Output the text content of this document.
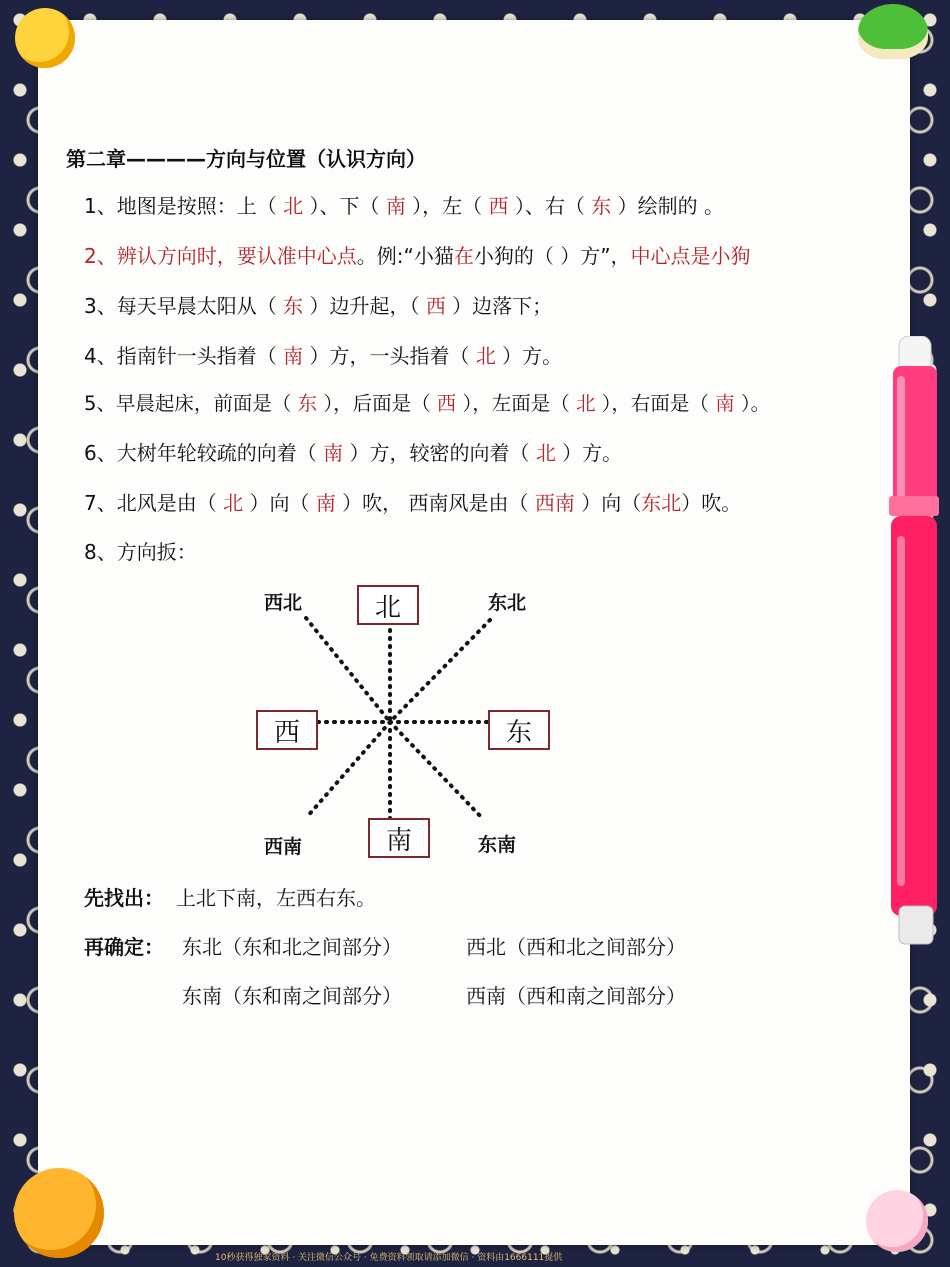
第二章————方向与位置（认识方向）
1、地图是按照：上（ 北 ）、下（ 南 ），左（ 西 ）、右（ 东 ）绘制的 。
2、辨认方向时，要认准中心点。例:“小猫在小狗的（ ）方”，中心点是小狗
3、每天早晨太阳从（ 东 ）边升起，（ 西 ）边落下；
4、指南针一头指着（ 南 ）方，一头指着（ 北 ）方。
5、早晨起床，前面是（ 东 ），后面是（ 西 ），左面是（ 北 ），右面是（ 南 ）。
6、大树年轮较疏的向着（ 南 ）方，较密的向着（ 北 ）方。
7、北风是由（ 北 ）向（ 南 ）吹， 西南风是由（ 西南 ）向（东北）吹。
8、方向扳：
北
西	东
南
西北	东北
西南	东南
先找出： 上北下南，左西右东。
再确定： 东北（东和北之间部分）	西北（西和北之间部分）
东南（东和南之间部分）	西南（西和南之间部分）
10秒获得独家资料 · 关注微信公众号 · 免费资料领取请添加微信 · 资料由1666111提供
